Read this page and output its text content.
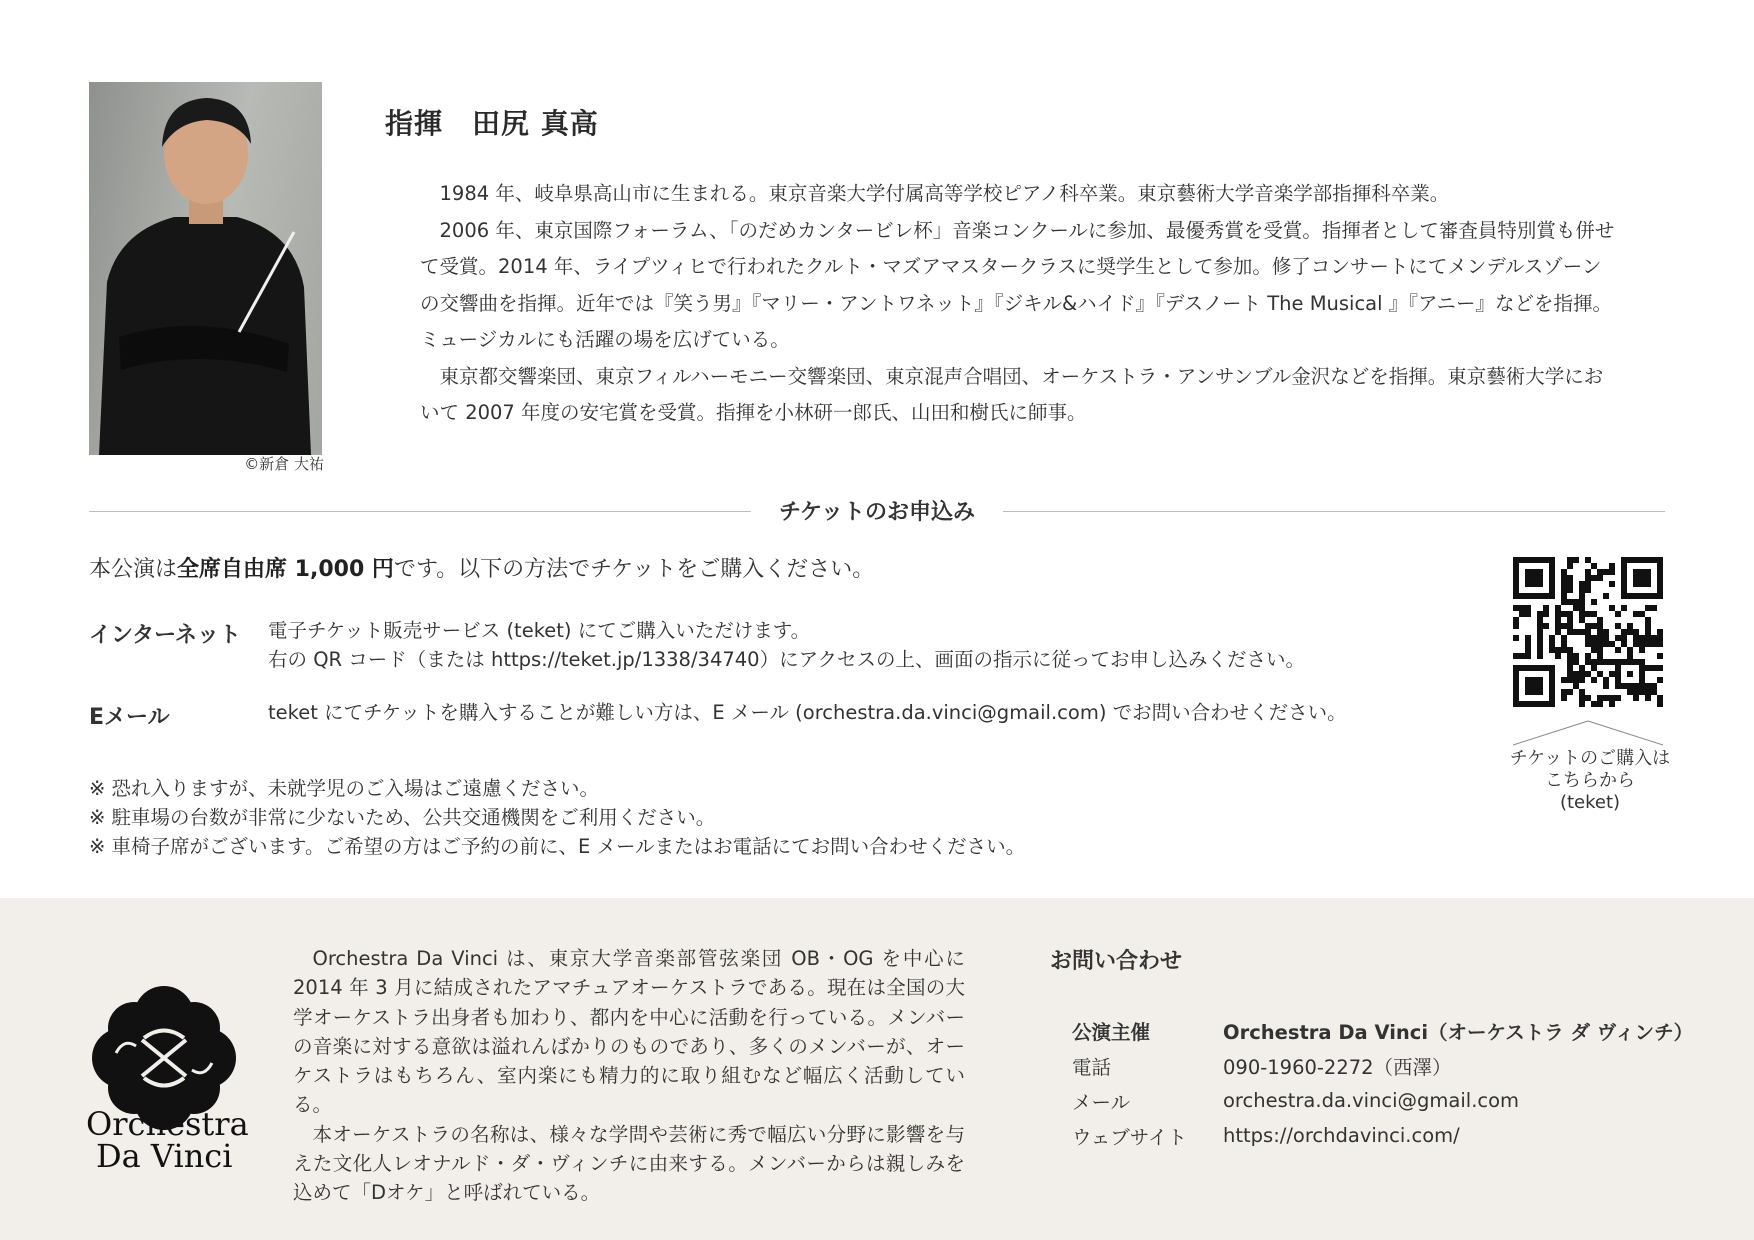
©新倉 大祐
指揮　田尻 真高

1984 年、岐阜県高山市に生まれる。東京音楽大学付属高等学校ピアノ科卒業。東京藝術大学音楽学部指揮科卒業。

2006 年、東京国際フォーラム、「のだめカンタービレ杯」音楽コンクールに参加、最優秀賞を受賞。指揮者として審査員特別賞も併せて受賞。2014 年、ライプツィヒで行われたクルト・マズアマスタークラスに奨学生として参加。修了コンサートにてメンデルスゾーンの交響曲を指揮。近年では『笑う男』『マリー・アントワネット』『ジキル&ハイド』『デスノート The Musical 』『アニー』などを指揮。ミュージカルにも活躍の場を広げている。

東京都交響楽団、東京フィルハーモニー交響楽団、東京混声合唱団、オーケストラ・アンサンブル金沢などを指揮。東京藝術大学において 2007 年度の安宅賞を受賞。指揮を小林研一郎氏、山田和樹氏に師事。

チケットのお申込み
本公演は全席自由席 1,000 円です。以下の方法でチケットをご購入ください。
インターネット 電子チケット販売サービス (teket) にてご購入いただけます。
右の QR コード（または https://teket.jp/1338/34740）にアクセスの上、画面の指示に従ってお申し込みください。
Eメール	teket にてチケットを購入することが難しい方は、E メール (orchestra.da.vinci@gmail.com) でお問い合わせください。
※ 恐れ入りますが、未就学児のご入場はご遠慮ください。
※ 駐車場の台数が非常に少ないため、公共交通機関をご利用ください。
※ 車椅子席がございます。ご希望の方はご予約の前に、E メールまたはお電話にてお問い合わせください。
チケットのご購入は
こちらから
(teket)
Orchestra
Da Vinci

Orchestra Da Vinci は、東京大学音楽部管弦楽団 OB・OG を中心に 2014 年 3 月に結成されたアマチュアオーケストラである。現在は全国の大学オーケストラ出身者も加わり、都内を中心に活動を行っている。メンバーの音楽に対する意欲は溢れんばかりのものであり、多くのメンバーが、オーケストラはもちろん、室内楽にも精力的に取り組むなど幅広く活動している。

本オーケストラの名称は、様々な学問や芸術に秀で幅広い分野に影響を与えた文化人レオナルド・ダ・ヴィンチに由来する。メンバーからは親しみを込めて「Dオケ」と呼ばれている。

お問い合わせ
公演主催	Orchestra Da Vinci（オーケストラ ダ ヴィンチ）
電話	090-1960-2272（西澤）
メール	orchestra.da.vinci@gmail.com
ウェブサイト	https://orchdavinci.com/
